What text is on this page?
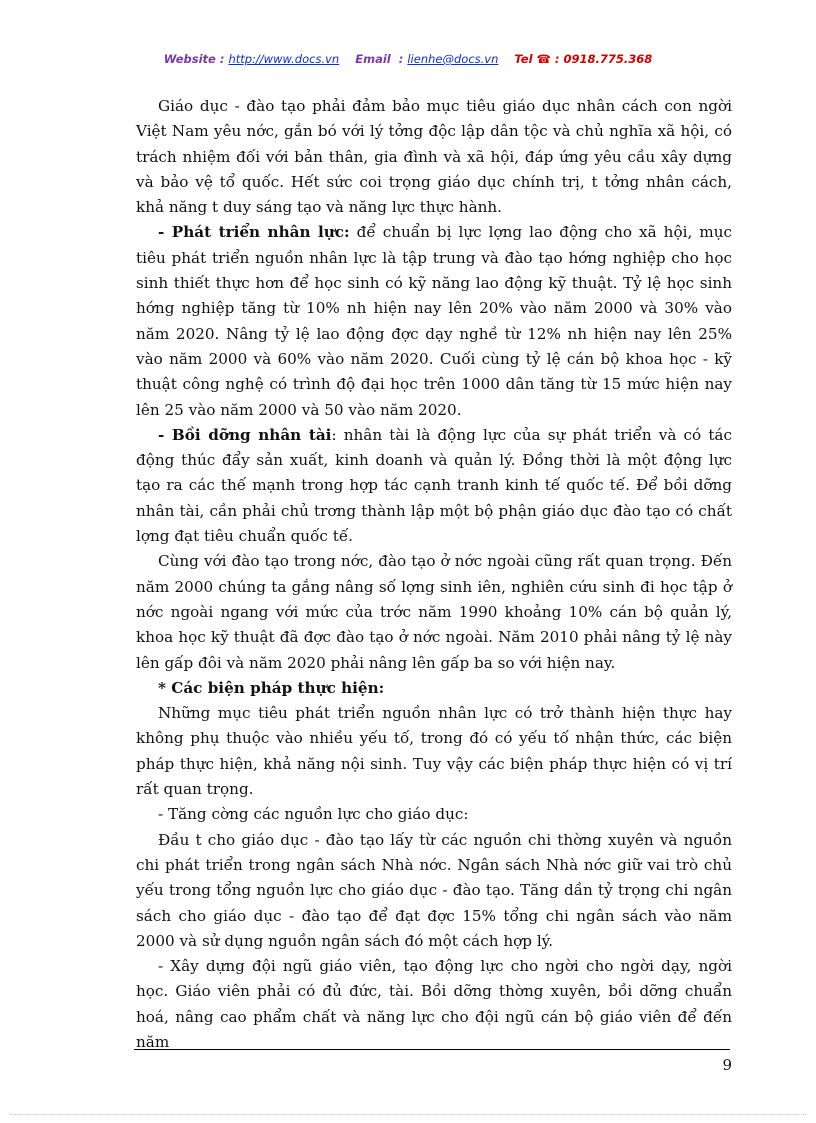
Website : http://www.docs.vn Email : lienhe@docs.vn Tel ☎ : 0918.775.368

Giáo dục - đào tạo phải đảm bảo mục tiêu giáo dục nhân cách con ngời Việt Nam yêu nớc, gắn bó với lý tởng độc lập dân tộc và chủ nghĩa xã hội, có trách nhiệm đối với bản thân, gia đình và xã hội, đáp ứng yêu cầu xây dựng và bảo vệ tổ quốc. Hết sức coi trọng giáo dục chính trị, t tởng nhân cách, khả năng t duy sáng tạo và năng lực thực hành.

- Phát triển nhân lực: để chuẩn bị lực lợng lao động cho xã hội, mục tiêu phát triển nguồn nhân lực là tập trung và đào tạo hớng nghiệp cho học sinh thiết thực hơn để học sinh có kỹ năng lao động kỹ thuật. Tỷ lệ học sinh hớng nghiệp tăng từ 10% nh hiện nay lên 20% vào năm 2000 và 30% vào năm 2020. Nâng tỷ lệ lao động đợc dạy nghề từ 12% nh hiện nay lên 25% vào năm 2000 và 60% vào năm 2020. Cuối cùng tỷ lệ cán bộ khoa học - kỹ thuật công nghệ có trình độ đại học trên 1000 dân tăng từ 15 mức hiện nay lên 25 vào năm 2000 và 50 vào năm 2020.

- Bồi dỡng nhân tài: nhân tài là động lực của sự phát triển và có tác động thúc đẩy sản xuất, kinh doanh và quản lý. Đồng thời là một động lực tạo ra các thế mạnh trong hợp tác cạnh tranh kinh tế quốc tế. Để bồi dỡng nhân tài, cần phải chủ trơng thành lập một bộ phận giáo dục đào tạo có chất lợng đạt tiêu chuẩn quốc tế.

Cùng với đào tạo trong nớc, đào tạo ở nớc ngoài cũng rất quan trọng. Đến năm 2000 chúng ta gắng nâng số lợng sinh iên, nghiên cứu sinh đi học tập ở nớc ngoài ngang với mức của trớc năm 1990 khoảng 10% cán bộ quản lý, khoa học kỹ thuật đã đợc đào tạo ở nớc ngoài. Năm 2010 phải nâng tỷ lệ này lên gấp đôi và năm 2020 phải nâng lên gấp ba so với hiện nay.

* Các biện pháp thực hiện:

Những mục tiêu phát triển nguồn nhân lực có trở thành hiện thực hay không phụ thuộc vào nhiều yếu tố, trong đó có yếu tố nhận thức, các biện pháp thực hiện, khả năng nội sinh. Tuy vậy các biện pháp thực hiện có vị trí rất quan trọng.

- Tăng cờng các nguồn lực cho giáo dục:

Đầu t cho giáo dục - đào tạo lấy từ các nguồn chi thờng xuyên và nguồn chi phát triển trong ngân sách Nhà nớc. Ngân sách Nhà nớc giữ vai trò chủ yếu trong tổng nguồn lực cho giáo dục - đào tạo. Tăng dần tỷ trọng chi ngân sách cho giáo dục - đào tạo để đạt đợc 15% tổng chi ngân sách vào năm 2000 và sử dụng nguồn ngân sách đó một cách hợp lý.

- Xây dựng đội ngũ giáo viên, tạo động lực cho ngời cho ngời dạy, ngời học. Giáo viên phải có đủ đức, tài. Bồi dỡng thờng xuyên, bồi dỡng chuẩn hoá, nâng cao phẩm chất và năng lực cho đội ngũ cán bộ giáo viên để đến năm

9
